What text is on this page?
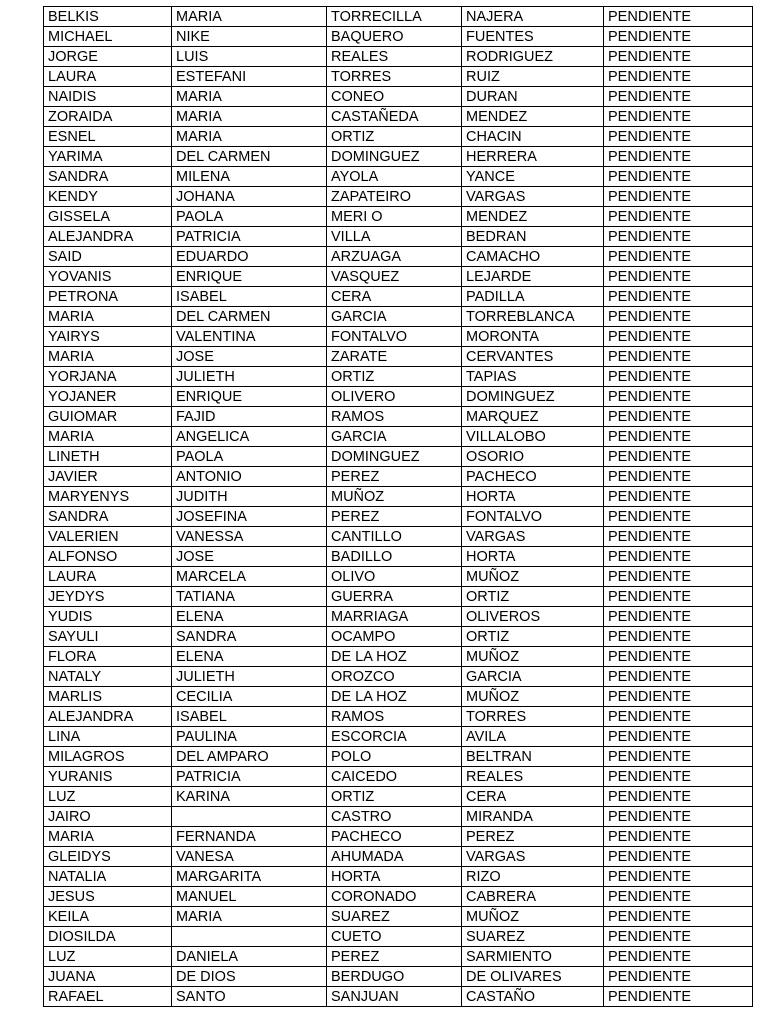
BELKIS	MARIA	TORRECILLA	NAJERA	PENDIENTE
MICHAEL	NIKE	BAQUERO	FUENTES	PENDIENTE
JORGE	LUIS	REALES	RODRIGUEZ	PENDIENTE
LAURA	ESTEFANI	TORRES	RUIZ	PENDIENTE
NAIDIS	MARIA	CONEO	DURAN	PENDIENTE
ZORAIDA	MARIA	CASTAÑEDA	MENDEZ	PENDIENTE
ESNEL	MARIA	ORTIZ	CHACIN	PENDIENTE
YARIMA	DEL CARMEN	DOMINGUEZ	HERRERA	PENDIENTE
SANDRA	MILENA	AYOLA	YANCE	PENDIENTE
KENDY	JOHANA	ZAPATEIRO	VARGAS	PENDIENTE
GISSELA	PAOLA	MERI O	MENDEZ	PENDIENTE
ALEJANDRA	PATRICIA	VILLA	BEDRAN	PENDIENTE
SAID	EDUARDO	ARZUAGA	CAMACHO	PENDIENTE
YOVANIS	ENRIQUE	VASQUEZ	LEJARDE	PENDIENTE
PETRONA	ISABEL	CERA	PADILLA	PENDIENTE
MARIA	DEL CARMEN	GARCIA	TORREBLANCA	PENDIENTE
YAIRYS	VALENTINA	FONTALVO	MORONTA	PENDIENTE
MARIA	JOSE	ZARATE	CERVANTES	PENDIENTE
YORJANA	JULIETH	ORTIZ	TAPIAS	PENDIENTE
YOJANER	ENRIQUE	OLIVERO	DOMINGUEZ	PENDIENTE
GUIOMAR	FAJID	RAMOS	MARQUEZ	PENDIENTE
MARIA	ANGELICA	GARCIA	VILLALOBO	PENDIENTE
LINETH	PAOLA	DOMINGUEZ	OSORIO	PENDIENTE
JAVIER	ANTONIO	PEREZ	PACHECO	PENDIENTE
MARYENYS	JUDITH	MUÑOZ	HORTA	PENDIENTE
SANDRA	JOSEFINA	PEREZ	FONTALVO	PENDIENTE
VALERIEN	VANESSA	CANTILLO	VARGAS	PENDIENTE
ALFONSO	JOSE	BADILLO	HORTA	PENDIENTE
LAURA	MARCELA	OLIVO	MUÑOZ	PENDIENTE
JEYDYS	TATIANA	GUERRA	ORTIZ	PENDIENTE
YUDIS	ELENA	MARRIAGA	OLIVEROS	PENDIENTE
SAYULI	SANDRA	OCAMPO	ORTIZ	PENDIENTE
FLORA	ELENA	DE LA HOZ	MUÑOZ	PENDIENTE
NATALY	JULIETH	OROZCO	GARCIA	PENDIENTE
MARLIS	CECILIA	DE LA HOZ	MUÑOZ	PENDIENTE
ALEJANDRA	ISABEL	RAMOS	TORRES	PENDIENTE
LINA	PAULINA	ESCORCIA	AVILA	PENDIENTE
MILAGROS	DEL AMPARO	POLO	BELTRAN	PENDIENTE
YURANIS	PATRICIA	CAICEDO	REALES	PENDIENTE
LUZ	KARINA	ORTIZ	CERA	PENDIENTE
JAIRO		CASTRO	MIRANDA	PENDIENTE
MARIA	FERNANDA	PACHECO	PEREZ	PENDIENTE
GLEIDYS	VANESA	AHUMADA	VARGAS	PENDIENTE
NATALIA	MARGARITA	HORTA	RIZO	PENDIENTE
JESUS	MANUEL	CORONADO	CABRERA	PENDIENTE
KEILA	MARIA	SUAREZ	MUÑOZ	PENDIENTE
DIOSILDA		CUETO	SUAREZ	PENDIENTE
LUZ	DANIELA	PEREZ	SARMIENTO	PENDIENTE
JUANA	DE DIOS	BERDUGO	DE OLIVARES	PENDIENTE
RAFAEL	SANTO	SANJUAN	CASTAÑO	PENDIENTE
